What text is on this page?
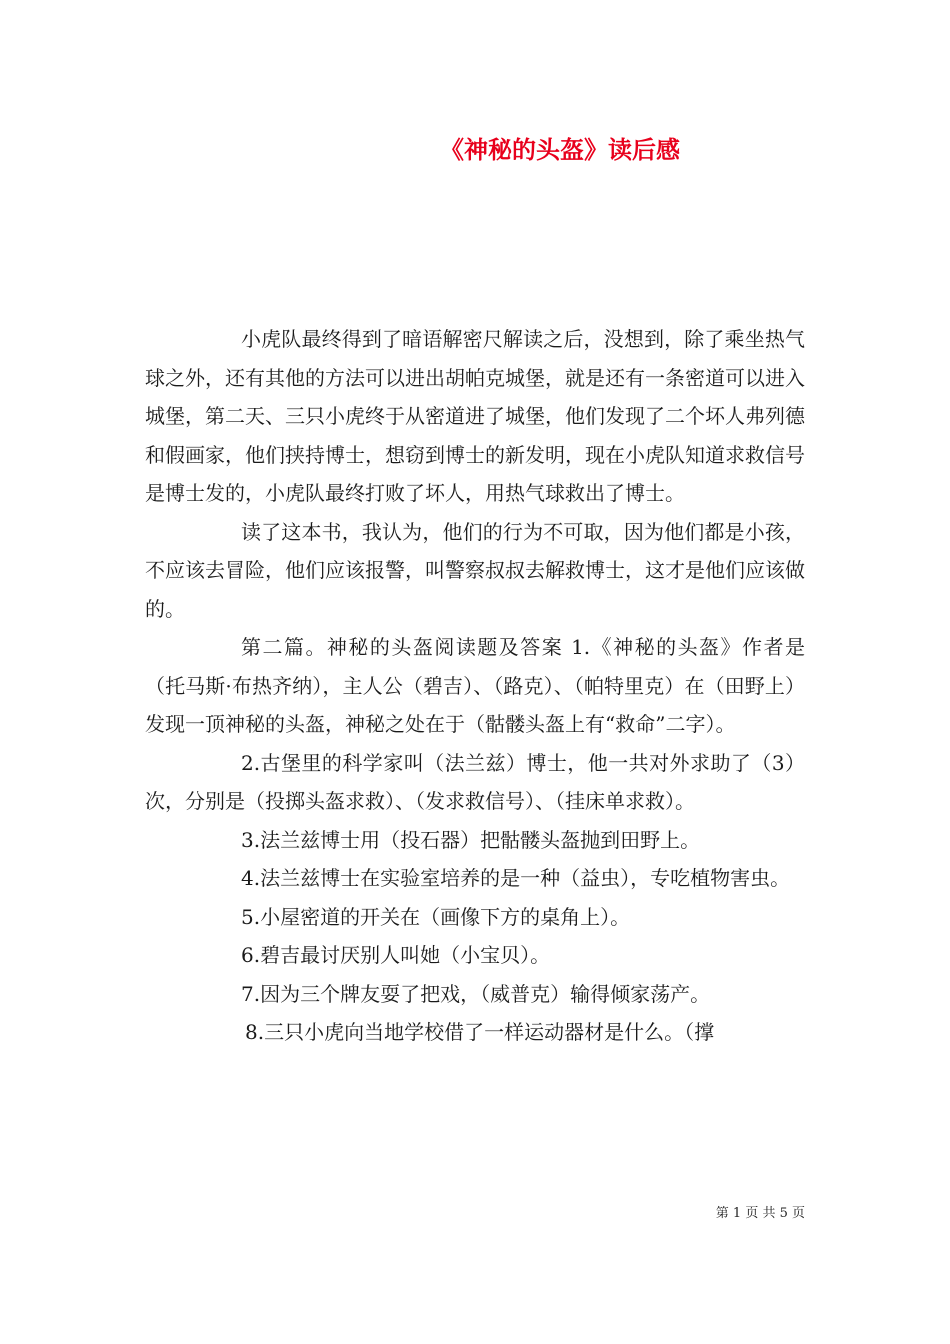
《神秘的头盔》读后感

小虎队最终得到了暗语解密尺解读之后，没想到，除了乘坐热气球之外，还有其他的方法可以进出胡帕克城堡，就是还有一条密道可以进入城堡，第二天、三只小虎终于从密道进了城堡，他们发现了二个坏人弗列德和假画家，他们挟持博士，想窃到博士的新发明，现在小虎队知道求救信号是博士发的，小虎队最终打败了坏人，用热气球救出了博士。

读了这本书，我认为，他们的行为不可取，因为他们都是小孩，不应该去冒险，他们应该报警，叫警察叔叔去解救博士，这才是他们应该做的。

第二篇。神秘的头盔阅读题及答案 1.《神秘的头盔》作者是（托马斯·布热齐纳），主人公（碧吉）、（路克）、（帕特里克）在（田野上）发现一顶神秘的头盔，神秘之处在于（骷髅头盔上有“救命”二字）。

2.古堡里的科学家叫（法兰兹）博士，他一共对外求助了（3）次，分别是（投掷头盔求救）、（发求救信号）、（挂床单求救）。

3.法兰兹博士用（投石器）把骷髅头盔抛到田野上。

4.法兰兹博士在实验室培养的是一种（益虫），专吃植物害虫。

5.小屋密道的开关在（画像下方的桌角上）。

6.碧吉最讨厌别人叫她（小宝贝）。

7.因为三个牌友耍了把戏，（威普克）输得倾家荡产。

8.三只小虎向当地学校借了一样运动器材是什么。（撑

第 1 页 共 5 页
